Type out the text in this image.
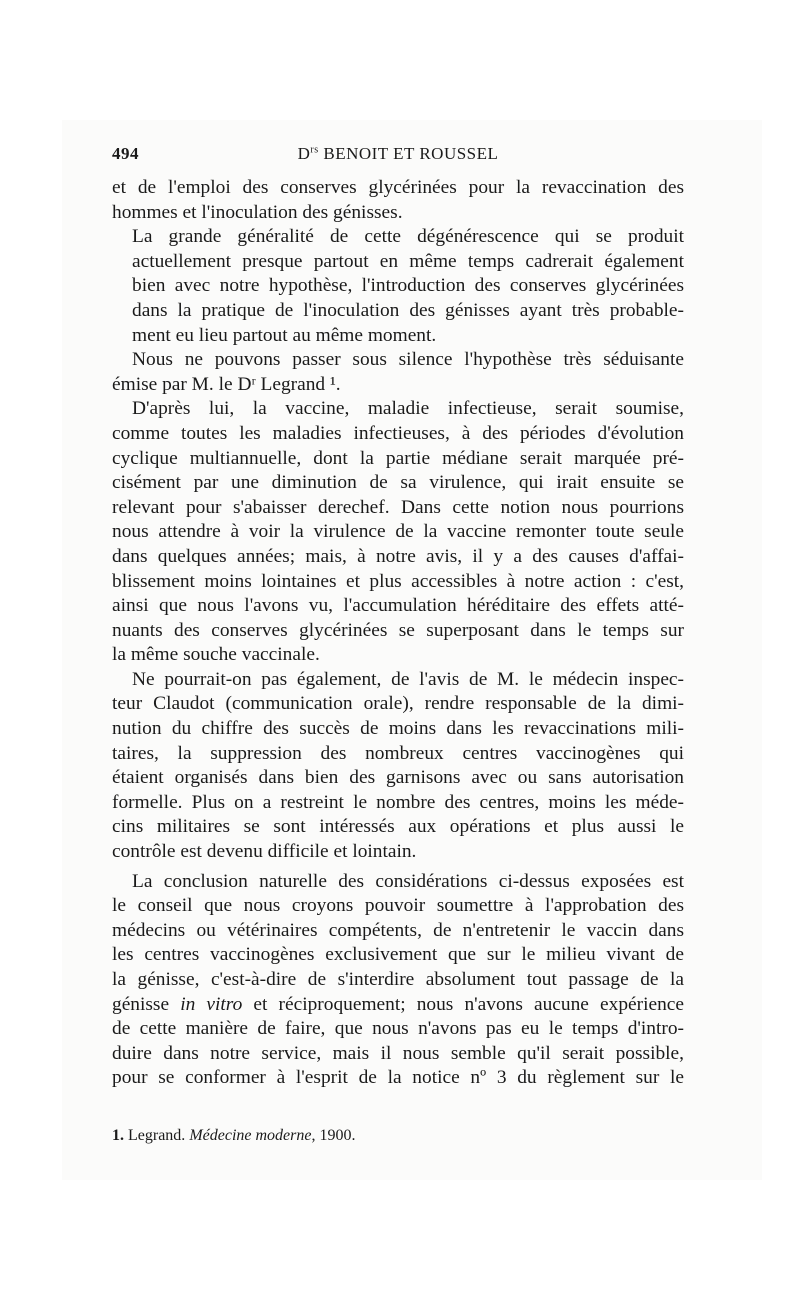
494	$D^{rs}$ BENOIT ET ROUSSEL

et de l'emploi des conserves glycérinées pour la revaccination des
hommes et l'inoculation des génisses.

La grande généralité de cette dégénérescence qui se produit
actuellement presque partout en même temps cadrerait également
bien avec notre hypothèse, l'introduction des conserves glycérinées
dans la pratique de l'inoculation des génisses ayant très probable-
ment eu lieu partout au même moment.

Nous ne pouvons passer sous silence l'hypothèse très séduisante
émise par M. le Dʳ Legrand ¹.

D'après lui, la vaccine, maladie infectieuse, serait soumise,
comme toutes les maladies infectieuses, à des périodes d'évolution
cyclique multiannuelle, dont la partie médiane serait marquée pré-
cisément par une diminution de sa virulence, qui irait ensuite se
relevant pour s'abaisser derechef. Dans cette notion nous pourrions
nous attendre à voir la virulence de la vaccine remonter toute seule
dans quelques années; mais, à notre avis, il y a des causes d'affai-
blissement moins lointaines et plus accessibles à notre action : c'est,
ainsi que nous l'avons vu, l'accumulation héréditaire des effets atté-
nuants des conserves glycérinées se superposant dans le temps sur
la même souche vaccinale.

Ne pourrait-on pas également, de l'avis de M. le médecin inspec-
teur Claudot (communication orale), rendre responsable de la dimi-
nution du chiffre des succès de moins dans les revaccinations mili-
taires, la suppression des nombreux centres vaccinogènes qui
étaient organisés dans bien des garnisons avec ou sans autorisation
formelle. Plus on a restreint le nombre des centres, moins les méde-
cins militaires se sont intéressés aux opérations et plus aussi le
contrôle est devenu difficile et lointain.

La conclusion naturelle des considérations ci-dessus exposées est
le conseil que nous croyons pouvoir soumettre à l'approbation des
médecins ou vétérinaires compétents, de n'entretenir le vaccin dans
les centres vaccinogènes exclusivement que sur le milieu vivant de
la génisse, c'est-à-dire de s'interdire absolument tout passage de la
génisse in vitro et réciproquement; nous n'avons aucune expérience
de cette manière de faire, que nous n'avons pas eu le temps d'intro-
duire dans notre service, mais il nous semble qu'il serait possible,
pour se conformer à l'esprit de la notice nº 3 du règlement sur le

1. Legrand. Médecine moderne, 1900.
